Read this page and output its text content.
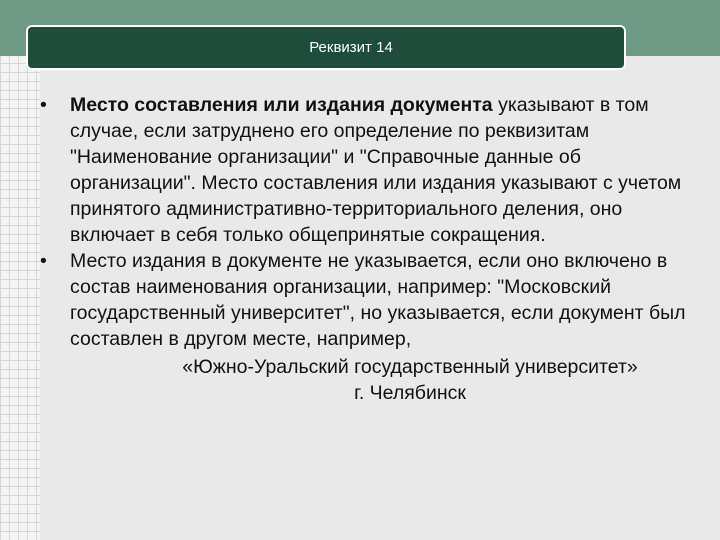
Реквизит 14
• Место составления или издания документа указывают в том случае, если затруднено его определение по реквизитам "Наименование организации" и "Справочные данные об организации". Место составления или издания указывают с учетом принятого административно-территориального деления, оно включает в себя только общепринятые сокращения.
• Место издания в документе не указывается, если оно включено в состав наименования организации, например: "Московский государственный университет", но указывается, если документ был составлен в другом месте, например,
«Южно-Уральский государственный университет»
г. Челябинск
